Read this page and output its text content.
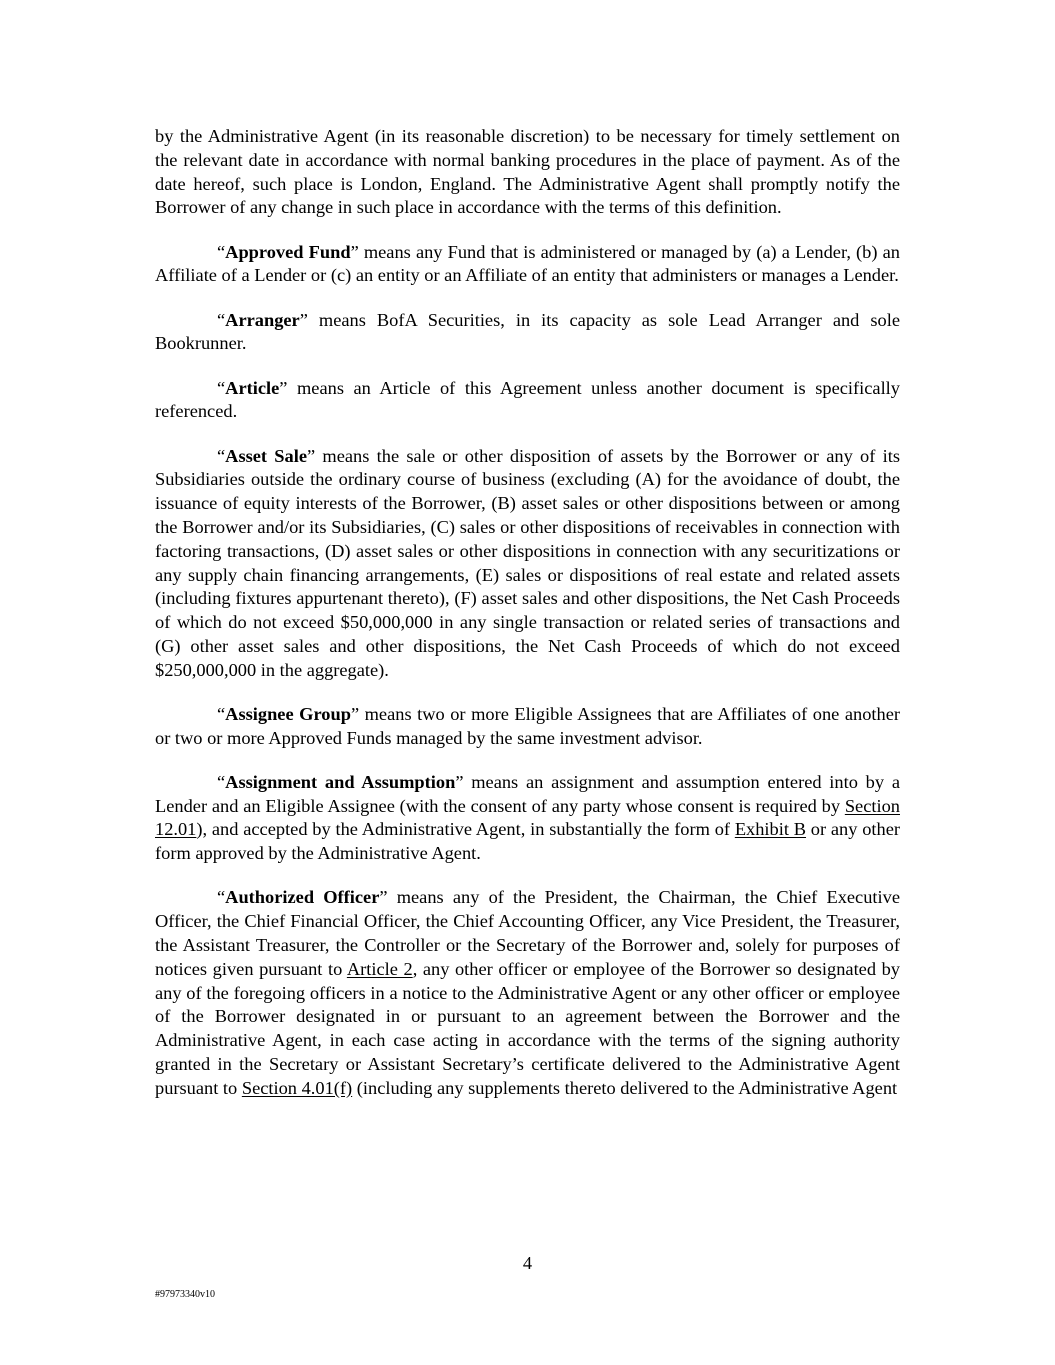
by the Administrative Agent (in its reasonable discretion) to be necessary for timely settlement on the relevant date in accordance with normal banking procedures in the place of payment. As of the date hereof, such place is London, England. The Administrative Agent shall promptly notify the Borrower of any change in such place in accordance with the terms of this definition.

“Approved Fund” means any Fund that is administered or managed by (a) a Lender, (b) an Affiliate of a Lender or (c) an entity or an Affiliate of an entity that administers or manages a Lender.

“Arranger” means BofA Securities, in its capacity as sole Lead Arranger and sole Bookrunner.

“Article” means an Article of this Agreement unless another document is specifically referenced.

“Asset Sale” means the sale or other disposition of assets by the Borrower or any of its Subsidiaries outside the ordinary course of business (excluding (A) for the avoidance of doubt, the issuance of equity interests of the Borrower, (B) asset sales or other dispositions between or among the Borrower and/or its Subsidiaries, (C) sales or other dispositions of receivables in connection with factoring transactions, (D) asset sales or other dispositions in connection with any securitizations or any supply chain financing arrangements, (E) sales or dispositions of real estate and related assets (including fixtures appurtenant thereto), (F) asset sales and other dispositions, the Net Cash Proceeds of which do not exceed $50,000,000 in any single transaction or related series of transactions and (G) other asset sales and other dispositions, the Net Cash Proceeds of which do not exceed $250,000,000 in the aggregate).

“Assignee Group” means two or more Eligible Assignees that are Affiliates of one another or two or more Approved Funds managed by the same investment advisor.

“Assignment and Assumption” means an assignment and assumption entered into by a Lender and an Eligible Assignee (with the consent of any party whose consent is required by Section 12.01), and accepted by the Administrative Agent, in substantially the form of Exhibit B or any other form approved by the Administrative Agent.

“Authorized Officer” means any of the President, the Chairman, the Chief Executive Officer, the Chief Financial Officer, the Chief Accounting Officer, any Vice President, the Treasurer, the Assistant Treasurer, the Controller or the Secretary of the Borrower and, solely for purposes of notices given pursuant to Article 2, any other officer or employee of the Borrower so designated by any of the foregoing officers in a notice to the Administrative Agent or any other officer or employee of the Borrower designated in or pursuant to an agreement between the Borrower and the Administrative Agent, in each case acting in accordance with the terms of the signing authority granted in the Secretary or Assistant Secretary’s certificate delivered to the Administrative Agent pursuant to Section 4.01(f) (including any supplements thereto delivered to the Administrative Agent

4
#97973340v10
